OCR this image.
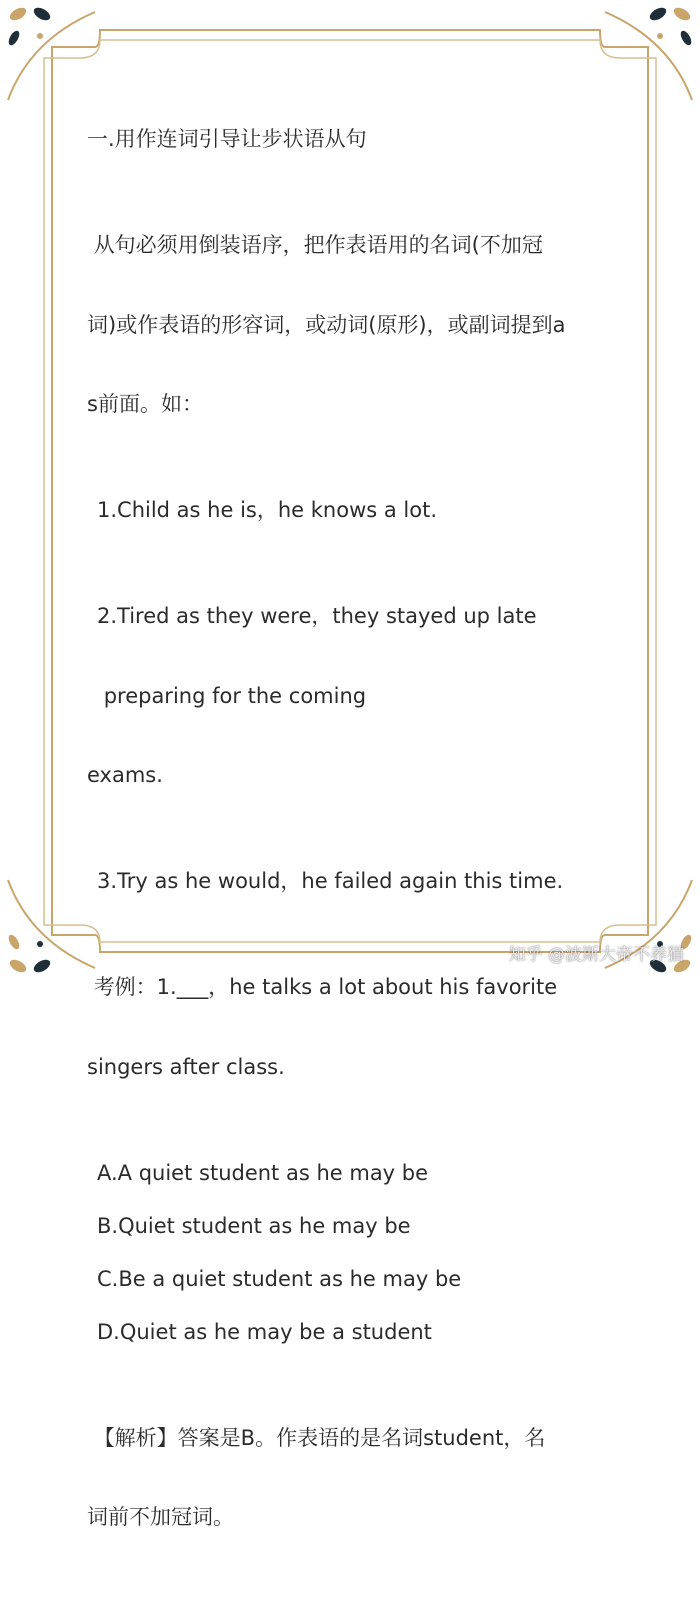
一.用作连词引导让步状语从句

从句必须用倒装语序，把作表语用的名词(不加冠

词)或作表语的形容词，或动词(原形)，或副词提到a

s前面。如：

1.Child as he is，he knows a lot.

2.Tired as they were，they stayed up late

preparing for the coming

exams.

3.Try as he would，he failed again this time.

考例：1.___，he talks a lot about his favorite

singers after class.

A.A quiet student as he may be

B.Quiet student as he may be

C.Be a quiet student as he may be

D.Quiet as he may be a student

【解析】答案是B。作表语的是名词student，名

词前不加冠词。

知乎 @波斯大帝不养猫
